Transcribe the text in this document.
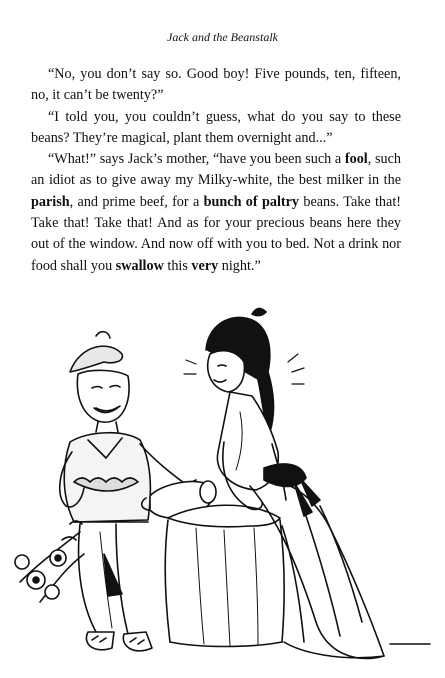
Jack and the Beanstalk

“No, you don’t say so. Good boy! Five pounds, ten, fifteen, no, it can’t be twenty?”

“I told you, you couldn’t guess, what do you say to these beans? They’re magical, plant them overnight and...”

“What!” says Jack’s mother, “have you been such a fool, such an idiot as to give away my Milky-white, the best milker in the parish, and prime beef, for a bunch of paltry beans. Take that! Take that! Take that! And as for your precious beans here they out of the window. And now off with you to bed. Not a drink nor food shall you swallow this very night.”
